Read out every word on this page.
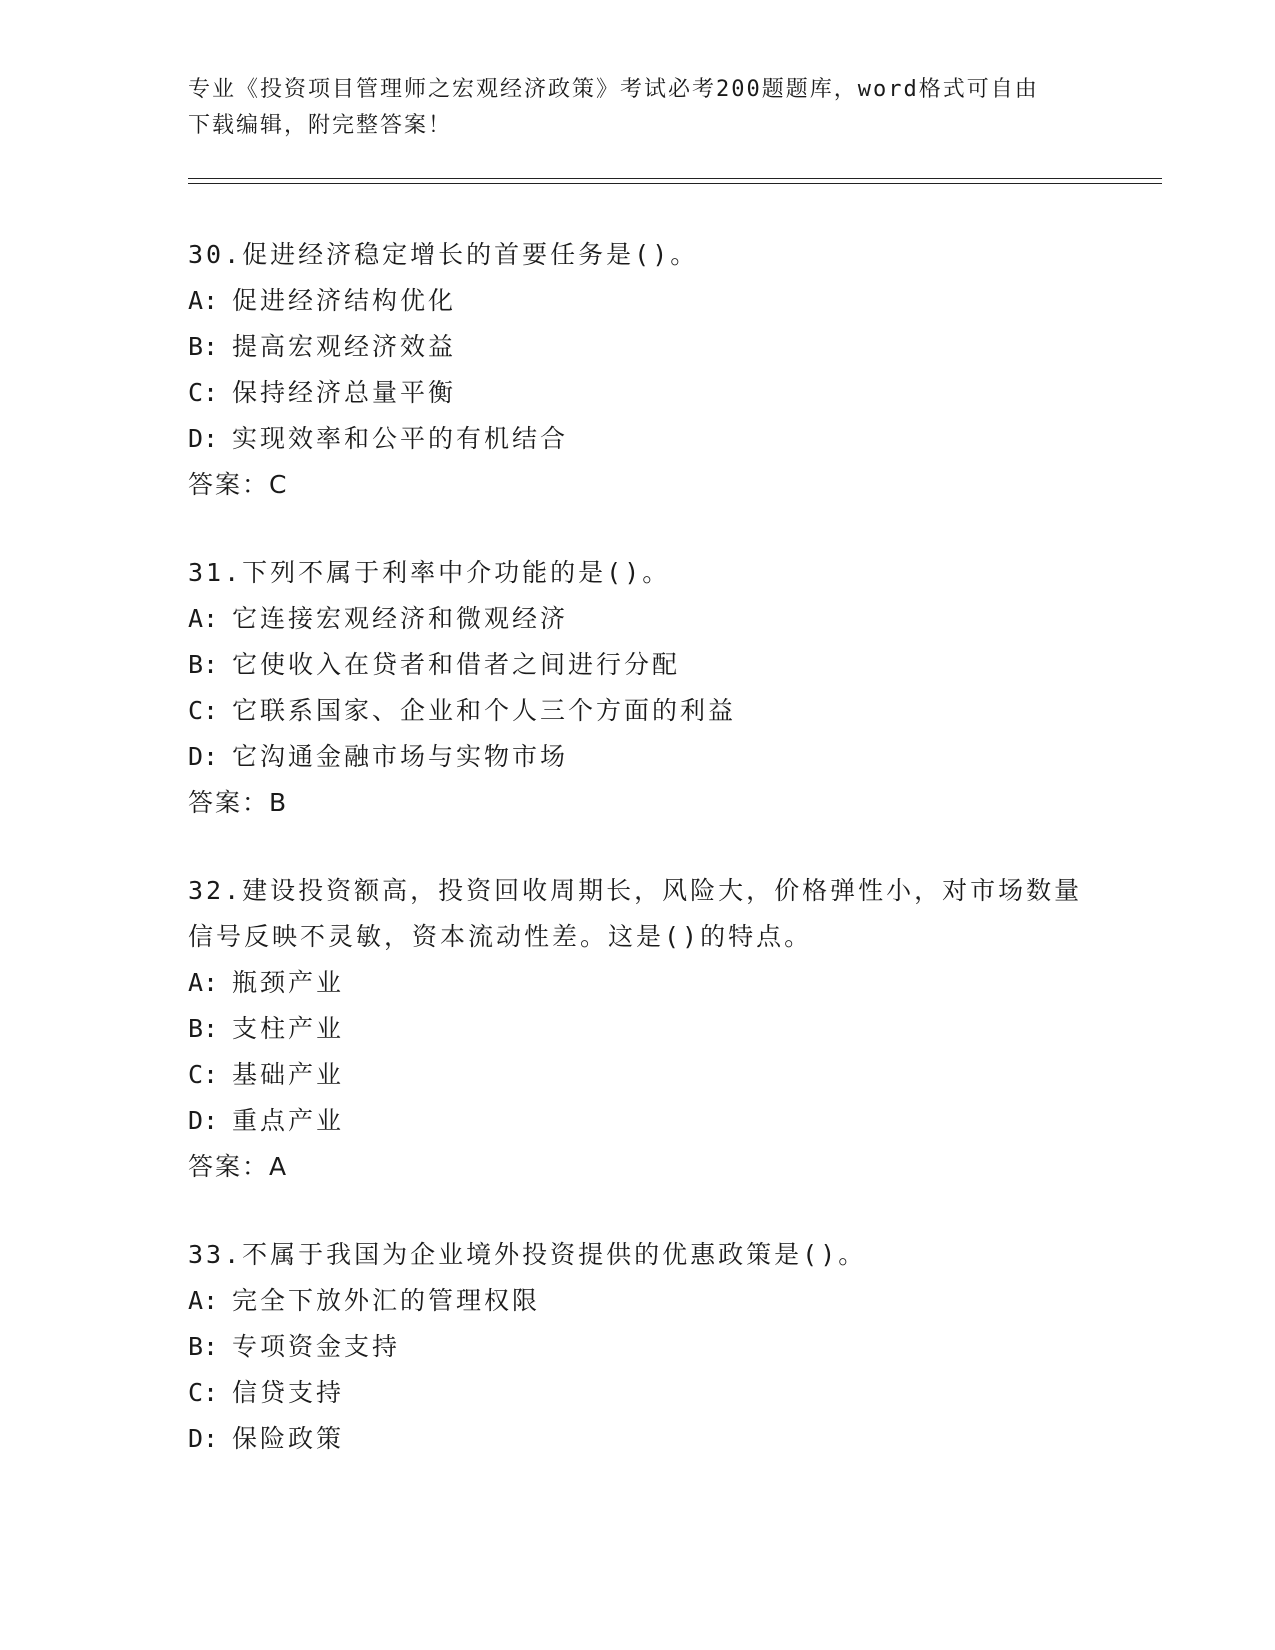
专业《投资项目管理师之宏观经济政策》考试必考200题题库，word格式可自由
下载编辑，附完整答案！
30.促进经济稳定增长的首要任务是()。
A: 促进经济结构优化
B: 提高宏观经济效益
C: 保持经济总量平衡
D: 实现效率和公平的有机结合
答案：C
31.下列不属于利率中介功能的是()。
A: 它连接宏观经济和微观经济
B: 它使收入在贷者和借者之间进行分配
C: 它联系国家、企业和个人三个方面的利益
D: 它沟通金融市场与实物市场
答案：B
32.建设投资额高，投资回收周期长，风险大，价格弹性小，对市场数量信号反映不灵敏，资本流动性差。这是()的特点。
A: 瓶颈产业
B: 支柱产业
C: 基础产业
D: 重点产业
答案：A
33.不属于我国为企业境外投资提供的优惠政策是()。
A: 完全下放外汇的管理权限
B: 专项资金支持
C: 信贷支持
D: 保险政策
